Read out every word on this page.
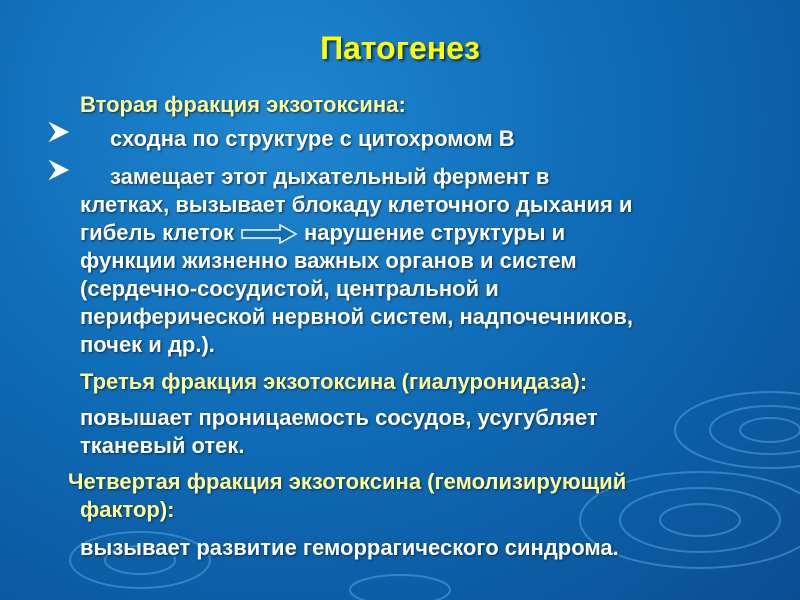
Патогенез
Вторая фракция экзотоксина:
сходна по структуре с цитохромом В
замещает этот дыхательный фермент в
клетках, вызывает блокаду клеточного дыхания и
гибель клеток	нарушение структуры и
функции жизненно важных органов и систем
(сердечно-сосудистой, центральной и
периферической нервной систем, надпочечников,
почек и др.).
Третья фракция экзотоксина (гиалуронидаза):
повышает проницаемость сосудов, усугубляет
тканевый отек.
Четвертая фракция экзотоксина (гемолизирующий
фактор):
вызывает развитие геморрагического синдрома.
